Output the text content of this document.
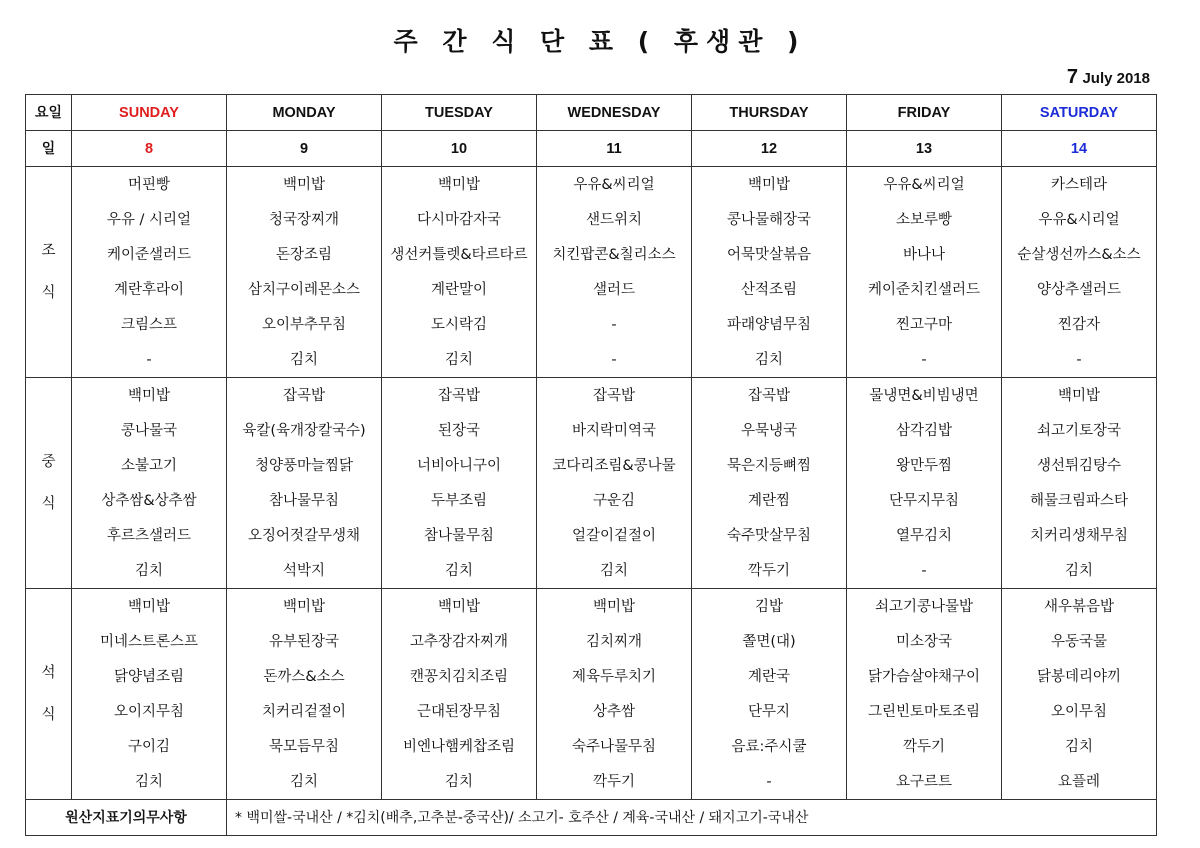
주 간 식 단 표 ( 후생관 )
7 July 2018
요일	SUNDAY	MONDAY	TUESDAY	WEDNESDAY	THURSDAY	FRIDAY	SATURDAY
일	8	9	10	11	12	13	14

조
식	머핀빵	백미밥	백미밥	우유&씨리얼	백미밥	우유&씨리얼	카스테라
	우유 / 시리얼	청국장찌개	다시마감자국	샌드위치	콩나물해장국	소보루빵	우유&시리얼
	케이준샐러드	돈장조림	생선커틀렛&타르타르	치킨팝콘&칠리소스	어묵맛살볶음	바나나	순살생선까스&소스
	계란후라이	삼치구이레몬소스	계란말이	샐러드	산적조림	케이준치킨샐러드	양상추샐러드
	크림스프	오이부추무침	도시락김	-	파래양념무침	찐고구마	찐감자
	-	김치	김치	-	김치	-	-

중
식	백미밥	잡곡밥	잡곡밥	잡곡밥	잡곡밥	물냉면&비빔냉면	백미밥
	콩나물국	육칼(육개장칼국수)	된장국	바지락미역국	우묵냉국	삼각김밥	쇠고기토장국
	소불고기	청양풍마늘찜닭	너비아니구이	코다리조림&콩나물	묵은지등뼈찜	왕만두찜	생선튀김탕수
	상추쌈&상추쌈	참나물무침	두부조림	구운김	계란찜	단무지무침	해물크림파스타
	후르츠샐러드	오징어젓갈무생채	참나물무침	얼갈이겉절이	숙주맛살무침	열무김치	치커리생채무침
	김치	석박지	김치	김치	깍두기	-	김치

석
식	백미밥	백미밥	백미밥	백미밥	김밥	쇠고기콩나물밥	새우볶음밥
	미네스트론스프	유부된장국	고추장감자찌개	김치찌개	쫄면(대)	미소장국	우동국물
	닭양념조림	돈까스&소스	캔꽁치김치조림	제육두루치기	계란국	닭가슴살야채구이	닭봉데리야끼
	오이지무침	치커리겉절이	근대된장무침	상추쌈	단무지	그린빈토마토조림	오이무침
	구이김	묵모듬무침	비엔나햄케찹조림	숙주나물무침	음료:주시쿨	깍두기	김치
	김치	김치	김치	깍두기	-	요구르트	요플레
원산지표기의무사항		* 백미쌀-국내산 / *김치(배추,고추분-중국산)/ 소고기- 호주산 / 계육-국내산 / 돼지고기-국내산					
